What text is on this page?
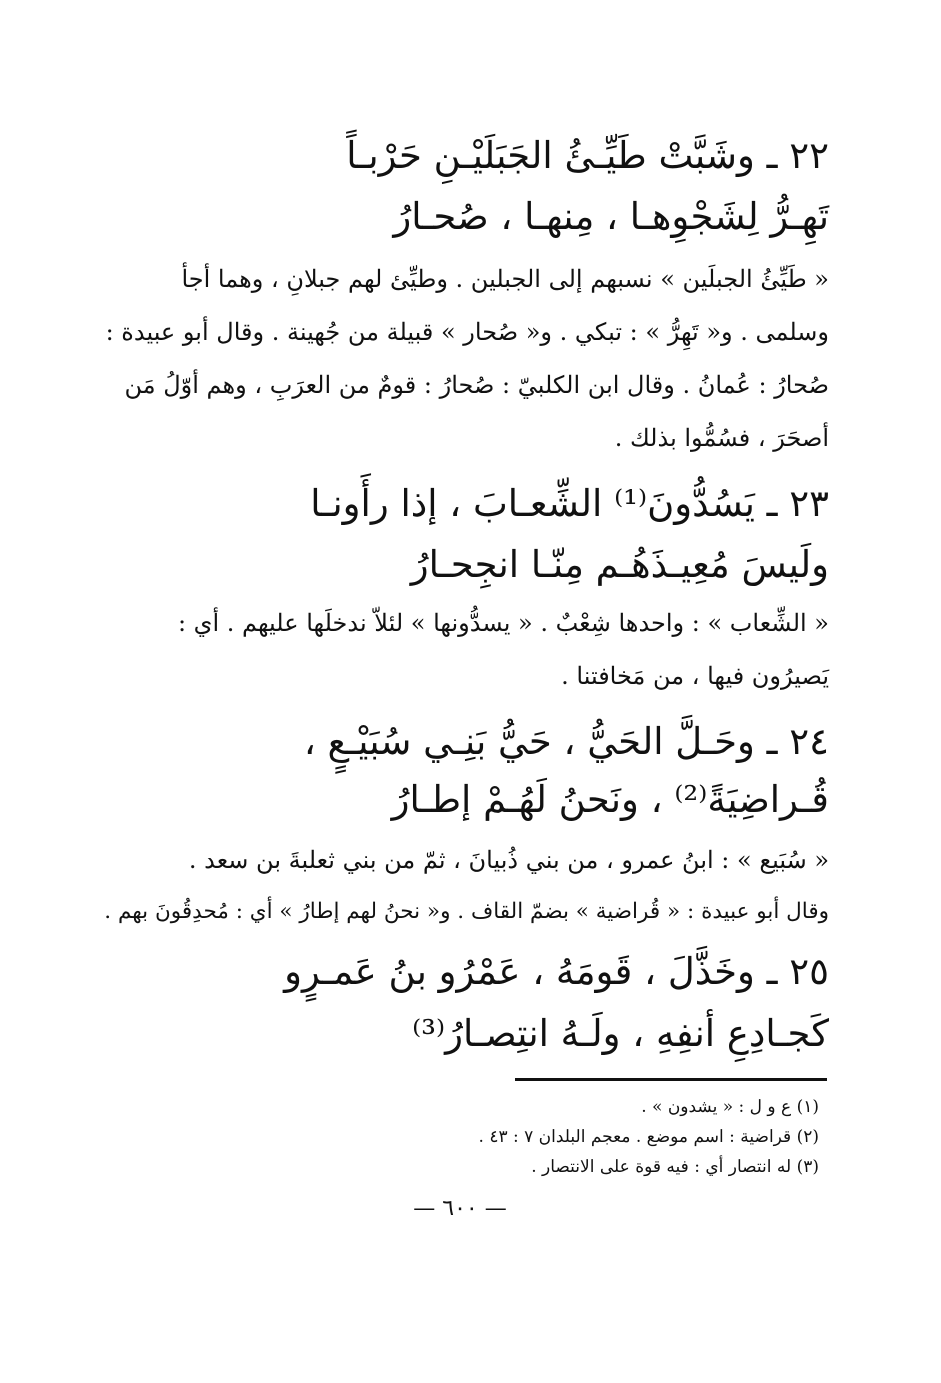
٢٢ ـ وشَبَّتْ طَيِّـئُ الجَبَلَيْـنِ حَرْبـاً
تَهِـرُّ لِشَجْوِهـا ، مِنهـا ، صُحـارُ
« طَيِّئُ الجبلَين » نسبهم إلى الجبلين . وطيِّئ لهم جبلانِ ، وهما أجأ
وسلمى . و« تَهِرُّ » : تبكي . و« صُحار » قبيلة من جُهينة . وقال أبو عبيدة :
صُحارُ : عُمانُ . وقال ابن الكلبيّ : صُحارُ : قومٌ من العرَبِ ، وهم أوّلُ مَن
أصحَرَ ، فسُمُّوا بذلك .
٢٣ ـ يَسُدُّونَ⁽¹⁾ الشِّعـابَ ، إذا رأَونـا
ولَيسَ مُعِيـذَهُـم مِنّـا انجِحـارُ
« الشِّعاب » : واحدها شِعْبٌ . « يسدُّونها » لئلاّ ندخلَها عليهم . أي :
يَصيرُون فيها ، من مَخافتنا .
٢٤ ـ وحَـلَّ الحَيُّ ، حَيُّ بَنِـي سُبَيْـعٍ ،
قُـراضِيَةً⁽²⁾ ، ونَحنُ لَهُـمْ إطـارُ
« سُبَيع » : ابنُ عمرو ، من بني ذُبيانَ ، ثمّ من بني ثعلبةَ بن سعد .
وقال أبو عبيدة : « قُراضية » بضمّ القاف . و« نحنُ لهم إطارُ » أي : مُحدِقُونَ بهم .
٢٥ ـ وخَذَّلَ ، قَومَهُ ، عَمْرُو بنُ عَمـرٍو
كَجـادِعِ أنفِهِ ، ولَـهُ انتِصـارُ⁽³⁾
(١) ع و ل : « يشدون » .
(٢) قراضية : اسم موضع . معجم البلدان ٧ : ٤٣ .
(٣) له انتصار أي : فيه قوة على الانتصار .
— ٦٠٠ —
